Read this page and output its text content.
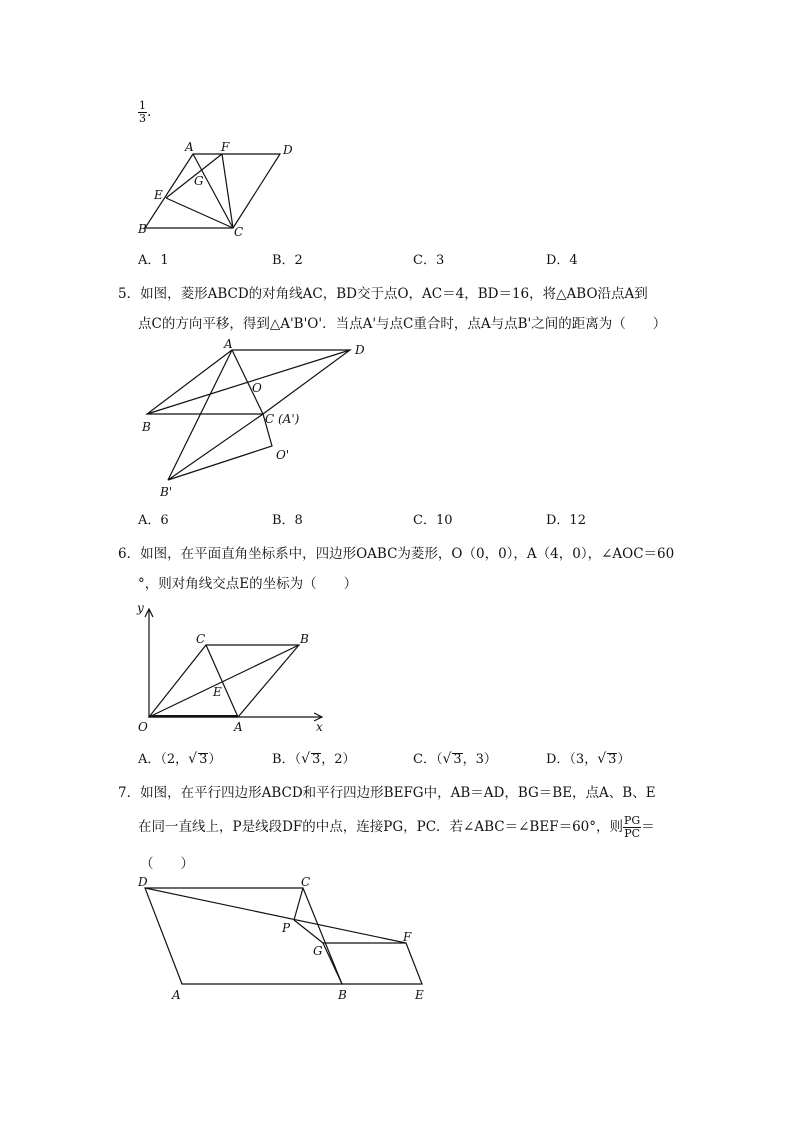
$\frac{1}{3}$ .
A F	D
G
E
B	C
A．1	B．2	C．3	D．4
5．如图，菱形ABCD的对角线AC，BD交于点O，AC＝4，BD＝16，将△ABO沿点A到
点C的方向平移，得到△A'B'O'．当点A'与点C重合时，点A与点B'之间的距离为（　　）
A	D
O
B
C (A')
O'
B'
A．6	B．8	C．10	D．12
6．如图，在平面直角坐标系中，四边形OABC为菱形，O（0，0），A（4，0），∠AOC＝60
°，则对角线交点E的坐标为（　　）
y
C	B
E
O	A	x
A．（2，√ 3）	B．（√ 3，2）	C．（√ 3，3）	D．（3，√ 3）
7．如图，在平行四边形ABCD和平行四边形BEFG中，AB＝AD，BG＝BE，点A、B、E
在同一直线上，P是线段DF的中点，连接PG，PC．若∠ABC＝∠BEF＝60°，则 $\frac{PG}{PC}$ ＝
（　　）
D	C
P
F
G
A	B	E
